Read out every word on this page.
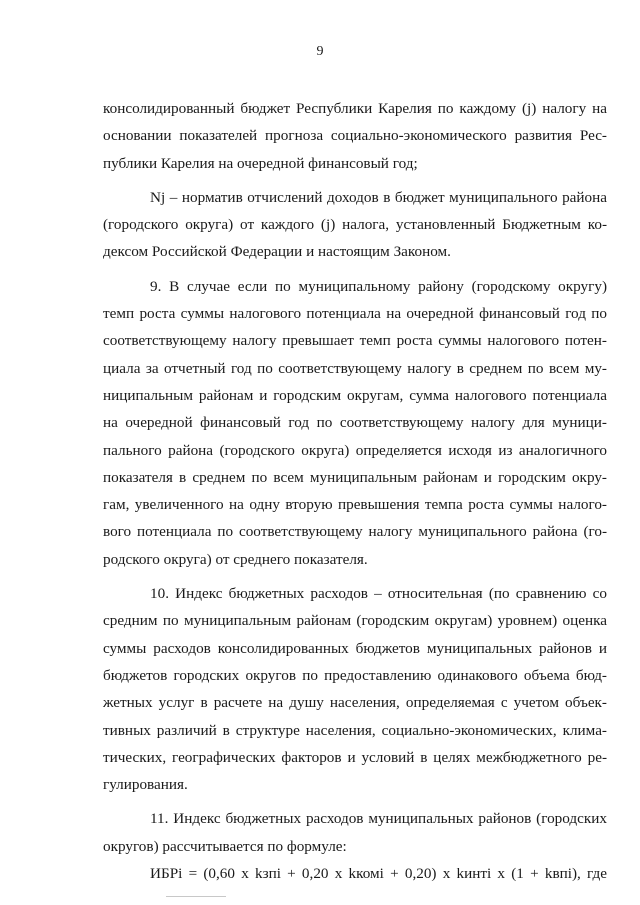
9
консолидированный бюджет Республики Карелия по каждому (j) налогу на
основании показателей прогноза социально-экономического развития Рес-
публики Карелия на очередной финансовый год;
Nj – норматив отчислений доходов в бюджет муниципального района
(городского округа) от каждого (j) налога, установленный Бюджетным ко-
дексом Российской Федерации и настоящим Законом.
9. В случае если по муниципальному району (городскому округу)
темп роста суммы налогового потенциала на очередной финансовый год по
соответствующему налогу превышает темп роста суммы налогового потен-
циала за отчетный год по соответствующему налогу в среднем по всем му-
ниципальным районам и городским округам, сумма налогового потенциала
на очередной финансовый год по соответствующему налогу для муници-
пального района (городского округа) определяется исходя из аналогичного
показателя в среднем по всем муниципальным районам и городским окру-
гам, увеличенного на одну вторую превышения темпа роста суммы налого-
вого потенциала по соответствующему налогу муниципального района (го-
родского округа) от среднего показателя.
10. Индекс бюджетных расходов – относительная (по сравнению со
средним по муниципальным районам (городским округам) уровнем) оценка
суммы расходов консолидированных бюджетов муниципальных районов и
бюджетов городских округов по предоставлению одинакового объема бюд-
жетных услуг в расчете на душу населения, определяемая с учетом объек-
тивных различий в структуре населения, социально-экономических, клима-
тических, географических факторов и условий в целях межбюджетного ре-
гулирования.
11. Индекс бюджетных расходов муниципальных районов (городских
округов) рассчитывается по формуле:
ИБРi = (0,60 x kзпi + 0,20 x kкомi + 0,20) x kинтi x (1 + kвпi), где
